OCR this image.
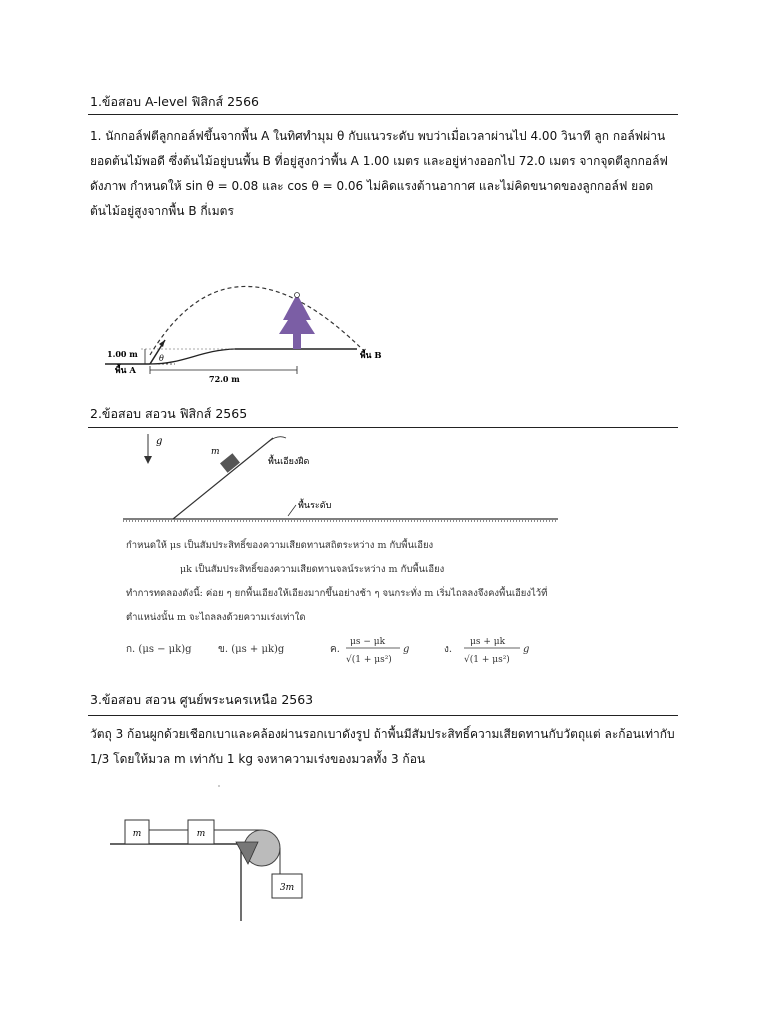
1.ข้อสอบ A-level ฟิสิกส์ 2566
1. นักกอล์ฟตีลูกกอล์ฟขึ้นจากพื้น A ในทิศทำมุม θ กับแนวระดับ พบว่าเมื่อเวลาผ่านไป 4.00 วินาที ลูก กอล์ฟผ่านยอดต้นไม้พอดี ซึ่งต้นไม้อยู่บนพื้น B ที่อยู่สูงกว่าพื้น A 1.00 เมตร และอยู่ห่างออกไป 72.0 เมตร จากจุดตีลูกกอล์ฟ ดังภาพ กำหนดให้ sin θ = 0.08 และ cos θ = 0.06 ไม่คิดแรงต้านอากาศ และไม่คิดขนาดของลูกกอล์ฟ ยอดต้นไม้อยู่สูงจากพื้น B กี่เมตร
θ
1.00 m
พื้น A
พื้น B
72.0 m
2.ข้อสอบ สอวน ฟิสิกส์ 2565
g
m
พื้นเอียงฝืด
พื้นระดับ
กำหนดให้ μs เป็นสัมประสิทธิ์ของความเสียดทานสถิตระหว่าง m กับพื้นเอียง
μk เป็นสัมประสิทธิ์ของความเสียดทานจลน์ระหว่าง m กับพื้นเอียง
ทำการทดลองดังนี้: ค่อย ๆ ยกพื้นเอียงให้เอียงมากขึ้นอย่างช้า ๆ จนกระทั่ง m เริ่มไถลลงจึงคงพื้นเอียงไว้ที่
ตำแหน่งนั้น m จะไถลลงด้วยความเร่งเท่าใด
ก. (μs − μk)g	ข. (μs + μk)g	ค.
μs − μk
√(1 + μs²)
g	ง.
μs + μk
√(1 + μs²)
g
3.ข้อสอบ สอวน ศูนย์พระนครเหนือ 2563
วัตถุ 3 ก้อนผูกด้วยเชือกเบาและคล้องผ่านรอกเบาดังรูป ถ้าพื้นมีสัมประสิทธิ์ความเสียดทานกับวัตถุแต่ ละก้อนเท่ากับ 1/3 โดยให้มวล m เท่ากับ 1 kg จงหาความเร่งของมวลทั้ง 3 ก้อน
m	m
3m
